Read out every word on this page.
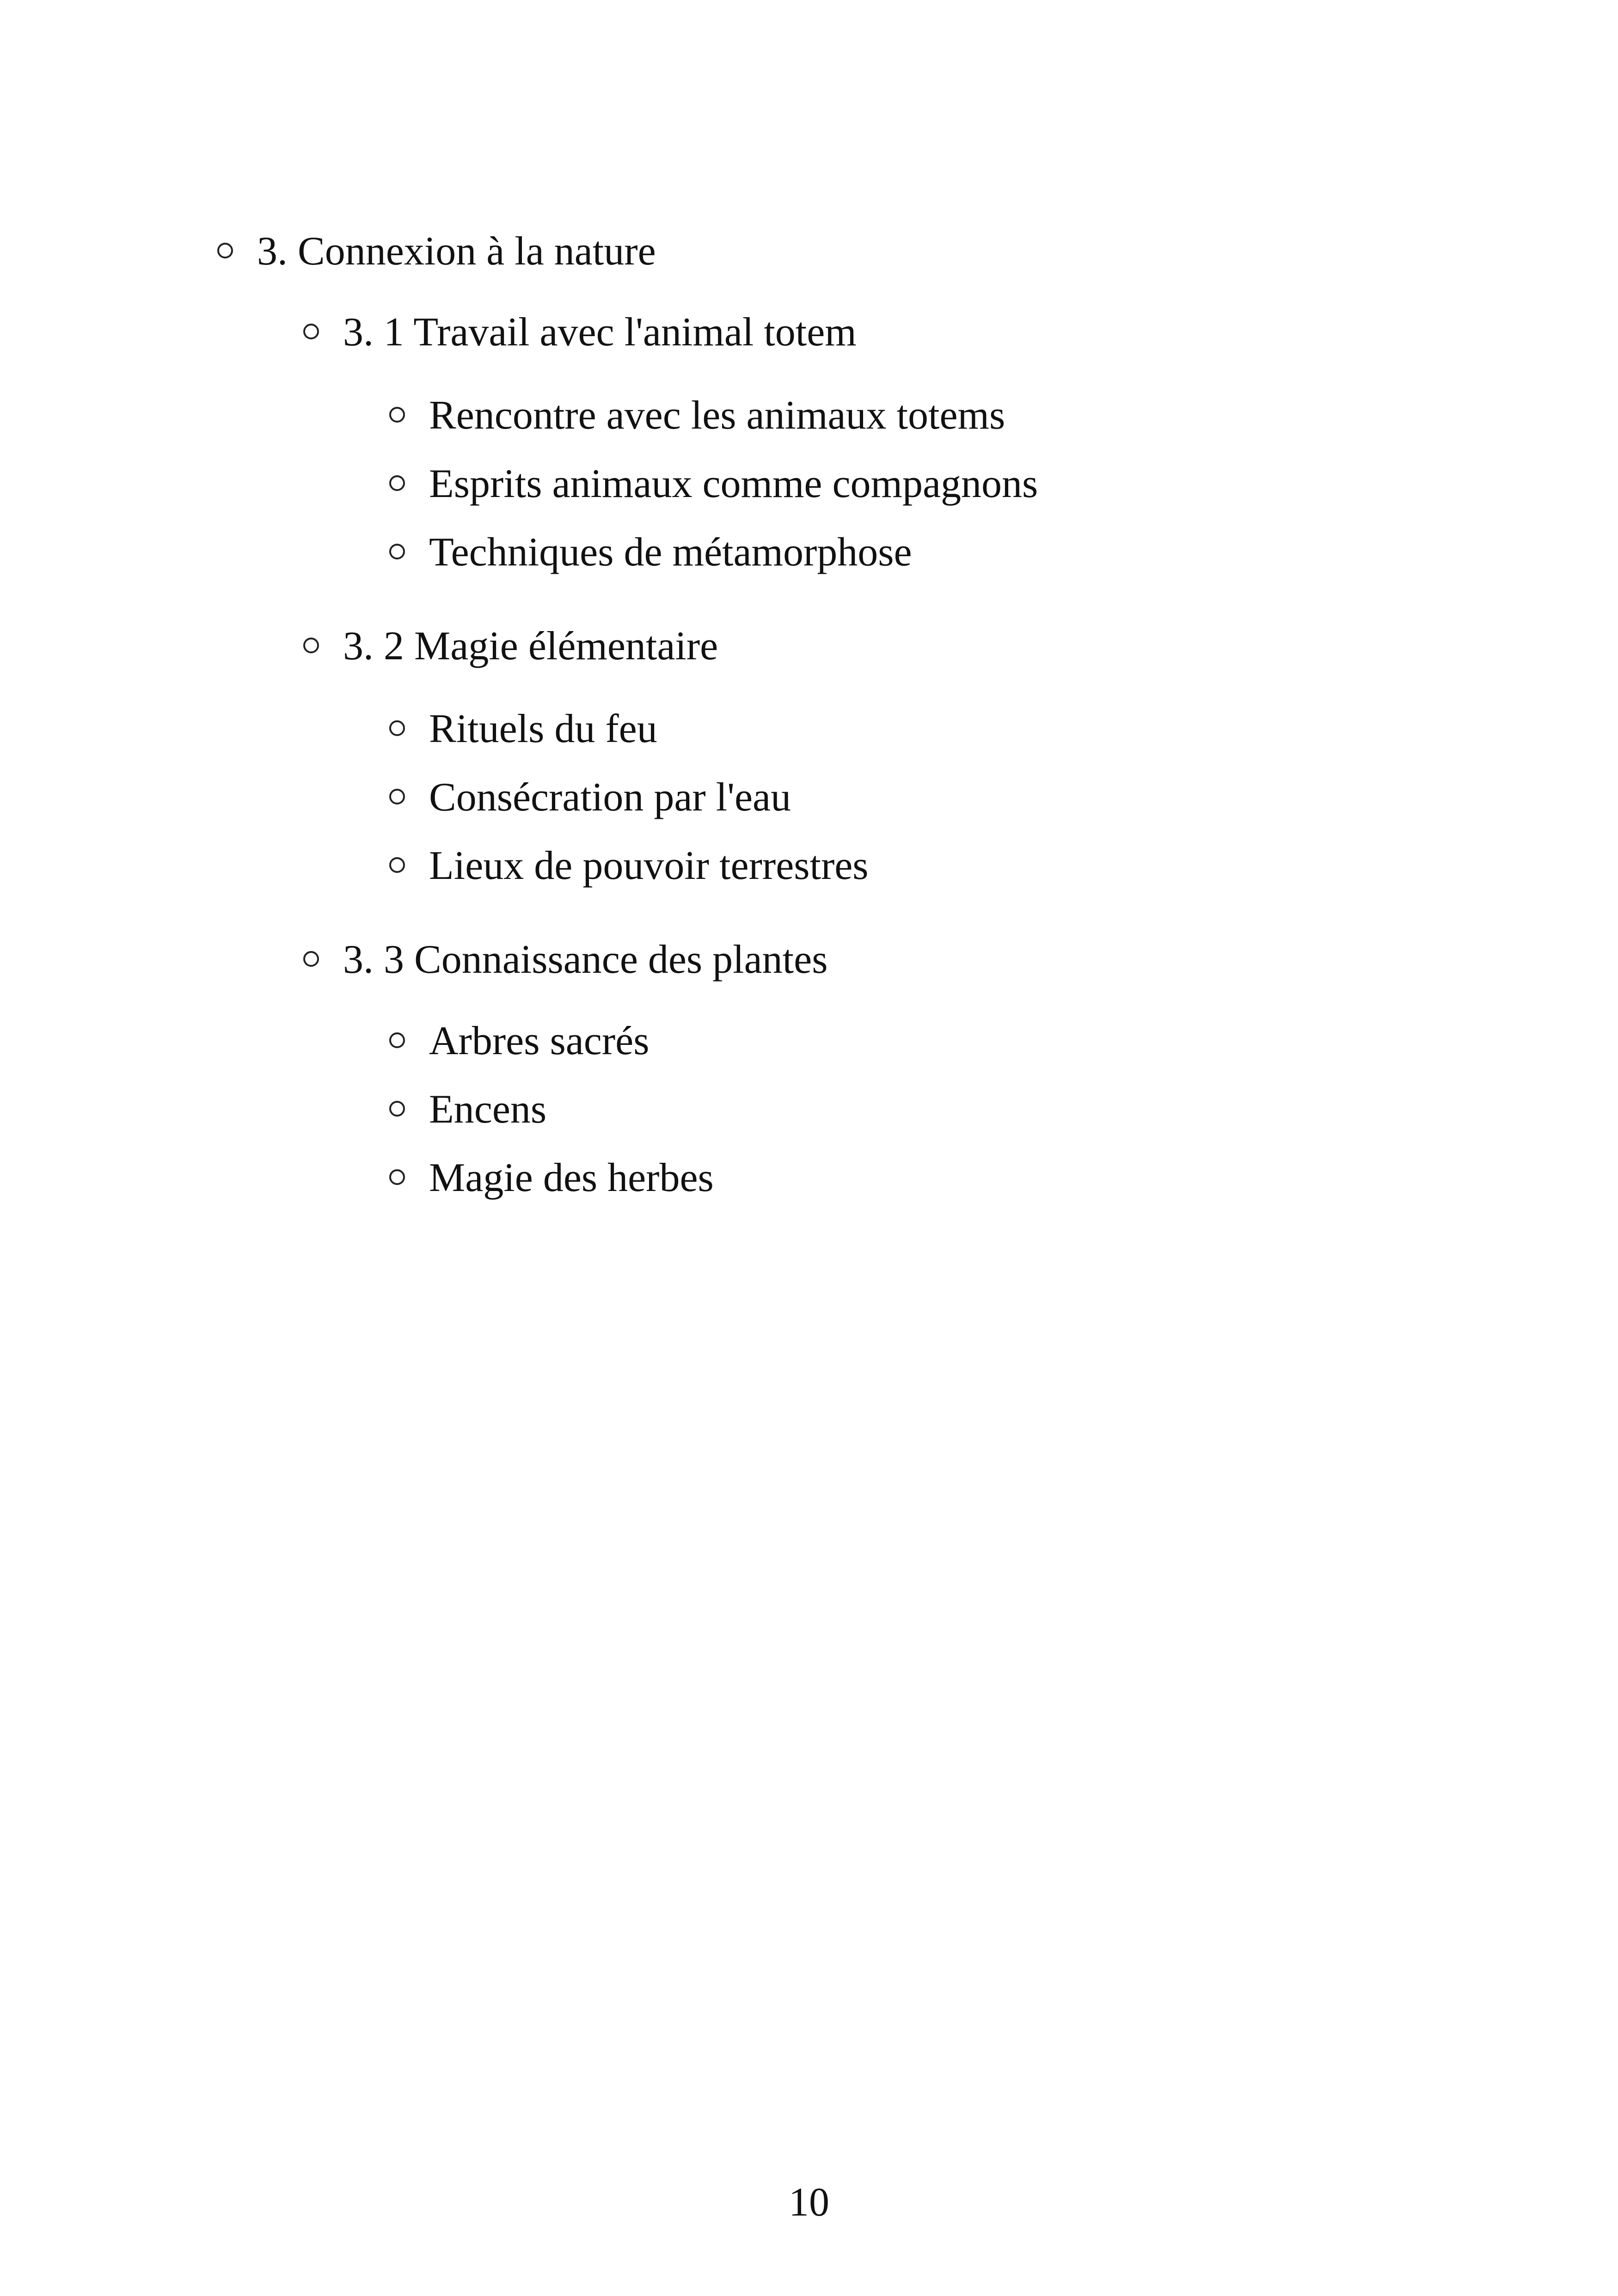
3. Connexion à la nature
3. 1 Travail avec l'animal totem
Rencontre avec les animaux totems
Esprits animaux comme compagnons
Techniques de métamorphose
3. 2 Magie élémentaire
Rituels du feu
Consécration par l'eau
Lieux de pouvoir terrestres
3. 3 Connaissance des plantes
Arbres sacrés
Encens
Magie des herbes
10
